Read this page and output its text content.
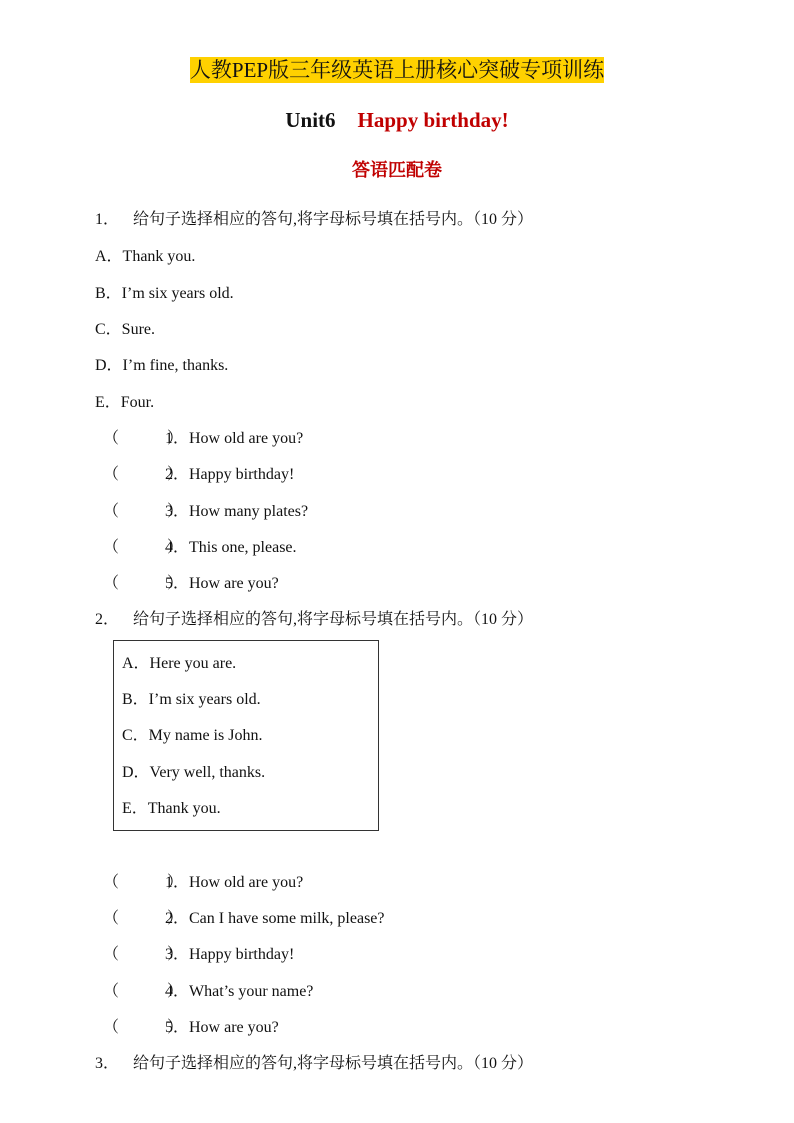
人教PEP版三年级英语上册核心突破专项训练
Unit6 Happy birthday!
答语匹配卷
1． 给句子选择相应的答句,将字母标号填在括号内。（10 分）
A．Thank you.
B．I’m six years old.
C．Sure.
D．I’m fine, thanks.
E．Four.
（　　　）1．How old are you?
（　　　）2．Happy birthday!
（　　　）3．How many plates?
（　　　）4．This one, please.
（　　　）5．How are you?
2． 给句子选择相应的答句,将字母标号填在括号内。（10 分）
A．Here you are.
B．I’m six years old.
C．My name is John.
D．Very well, thanks.
E．Thank you.
（　　　）1．How old are you?
（　　　）2．Can I have some milk, please?
（　　　）3．Happy birthday!
（　　　）4．What’s your name?
（　　　）5．How are you?
3． 给句子选择相应的答句,将字母标号填在括号内。（10 分）
